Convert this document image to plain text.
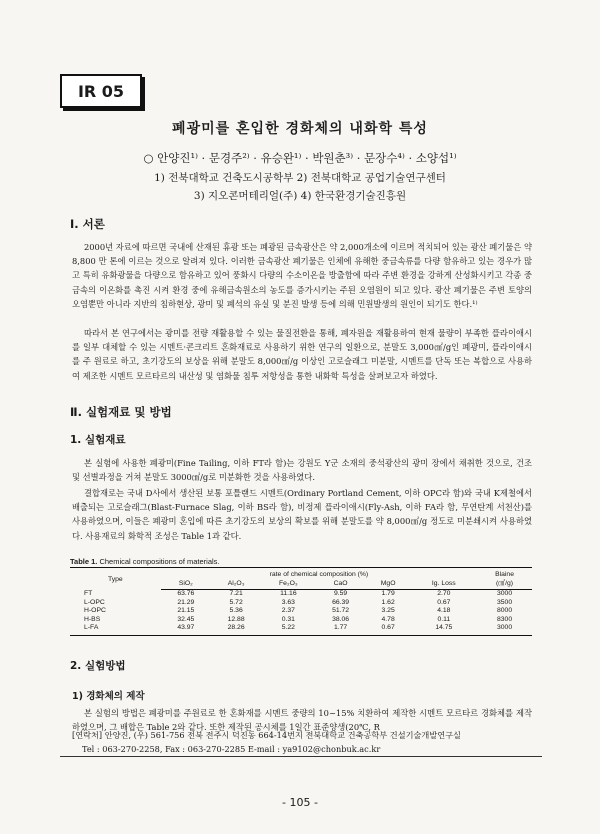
IR 05
폐광미를 혼입한 경화체의 내화학 특성
○ 안양진¹⁾ · 문경주²⁾ · 유승완¹⁾ · 박원춘³⁾ · 문장수⁴⁾ · 소양섭¹⁾
1) 전북대학교 건축도시공학부 2) 전북대학교 공업기술연구센터
3) 지오콘머테리얼(주) 4) 한국환경기술진흥원
Ⅰ. 서론
2000년 자료에 따르면 국내에 산재된 휴광 또는 폐광된 금속광산은 약 2,000개소에 이르며 적치되어 있는 광산 폐기물은 약 8,800 만 톤에 이르는 것으로 알려져 있다. 이러한 금속광산 폐기물은 인체에 유해한 중금속류를 다량 함유하고 있는 경우가 많고 특히 유화광물을 다량으로 함유하고 있어 풍화시 다량의 수소이온을 방출함에 따라 주변 환경을 강하게 산성화시키고 각종 중금속의 이온화를 촉진 시켜 환경 중에 유해금속원소의 농도를 증가시키는 주된 오염원이 되고 있다. 광산 폐기물은 주변 토양의 오염뿐만 아니라 지반의 침하현상, 광미 및 폐석의 유실 및 분진 발생 등에 의해 민원발생의 원인이 되기도 한다.¹⁾
따라서 본 연구에서는 광미를 전량 재활용할 수 있는 물질전환을 통해, 폐자원을 재활용하여 현재 물량이 부족한 플라이애시를 일부 대체할 수 있는 시멘트·콘크리트 혼화재료로 사용하기 위한 연구의 일환으로, 분말도 3,000㎠/g인 폐광미, 플라이애시를 주 원료로 하고, 초기강도의 보상을 위해 분말도 8,000㎠/g 이상인 고로슬래그 미분말, 시멘트를 단독 또는 복합으로 사용하여 제조한 시멘트 모르타르의 내산성 및 염화물 침투 저항성을 통한 내화학 특성을 살펴보고자 하였다.
Ⅱ. 실험재료 및 방법
1. 실험재료
본 실험에 사용한 폐광미(Fine Tailing, 이하 FT라 함)는 강원도 Y군 소재의 중석광산의 광미 장에서 채취한 것으로, 건조 및 선별과정을 거쳐 분말도 3000㎠/g로 미분화한 것을 사용하였다.
결합재로는 국내 D사에서 생산된 보통 포틀랜드 시멘트(Ordinary Portland Cement, 이하 OPC라 함)와 국내 K제철에서 배출되는 고로슬래그(Blast-Furnace Slag, 이하 BS라 함), 비정제 플라이애시(Fly-Ash, 이하 FA라 함, 무연탄계 서천산)를 사용하였으며, 이들은 폐광미 혼입에 따른 초기강도의 보상의 확보를 위해 분말도를 약 8,000㎠/g 정도로 미분쇄시켜 사용하였다. 사용재료의 화학적 조성은 Table 1과 같다.
Table 1. Chemical compositions of materials.
Type	rate of chemical composition (%)						Blaine
	SiO₂	Al₂O₃	Fe₂O₃	CaO	MgO	Ig. Loss	(㎠/g)
FT	63.76	7.21	11.16	9.59	1.79	2.70	3000
L-OPC	21.29	5.72	3.63	66.39	1.62	0.67	3500
H-OPC	21.15	5.36	2.37	51.72	3.25	4.18	8000
H-BS	32.45	12.88	0.31	38.06	4.78	0.11	8300
L-FA	43.97	28.26	5.22	1.77	0.67	14.75	3000
2. 실험방법
1) 경화체의 제작
본 실험의 방법은 폐광미를 주원료로 한 혼화재를 시멘트 중량의 10~15% 치환하여 제작한 시멘트 모르타르 경화체를 제작하였으며, 그 배합은 Table 2와 같다. 또한 제작된 공시체를 1일간 표준양생(20℃, R
[연락처] 안양진, (우) 561-756 전북 전주시 덕진동 664-14번지 전북대학교 건축공학부 건설기술개발연구실
Tel : 063-270-2258, Fax : 063-270-2285 E-mail : ya9102@chonbuk.ac.kr
- 105 -
